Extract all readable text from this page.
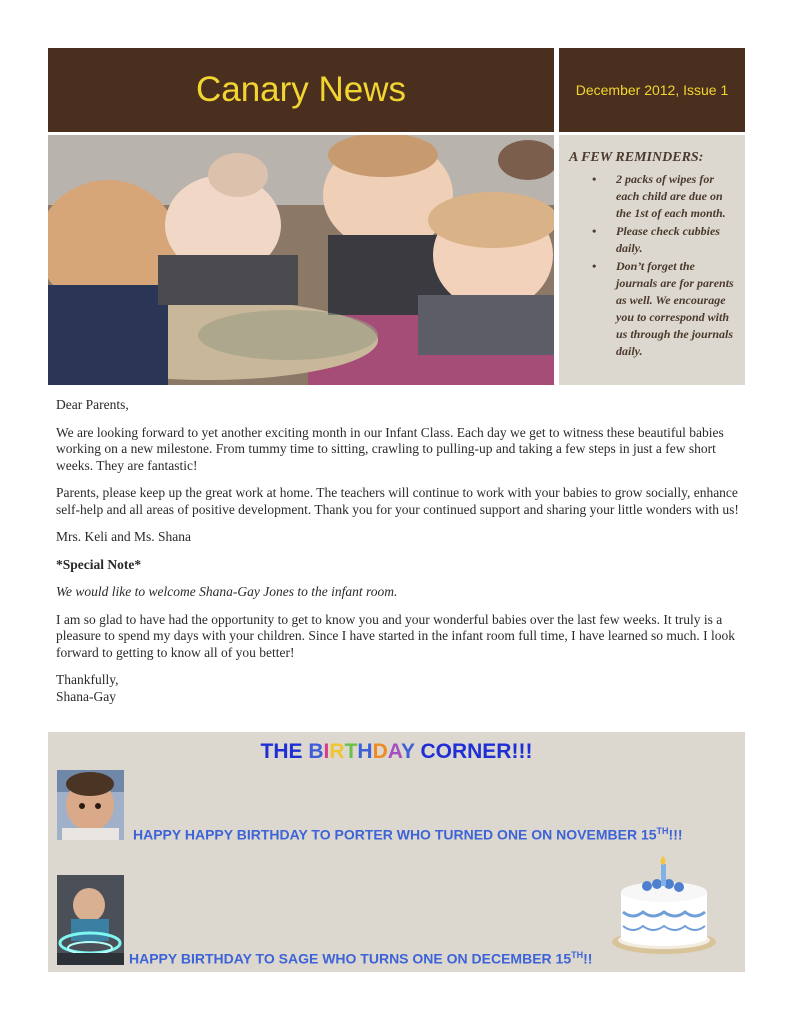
Canary News	December 2012, Issue 1
A FEW REMINDERS:
• 2 packs of wipes for each child are due on the 1st of each month.
• Please check cubbies daily.
• Don’t forget the journals are for parents as well. We encourage you to correspond with us through the journals daily.

Dear Parents,

We are looking forward to yet another exciting month in our Infant Class. Each day we get to witness these beautiful babies working on a new milestone. From tummy time to sitting, crawling to pulling-up and taking a few steps in just a few short weeks. They are fantastic!

Parents, please keep up the great work at home. The teachers will continue to work with your babies to grow socially, enhance self-help and all areas of positive development. Thank you for your continued support and sharing your little wonders with us!

Mrs. Keli and Ms. Shana

*Special Note*

We would like to welcome Shana-Gay Jones to the infant room.

I am so glad to have had the opportunity to get to know you and your wonderful babies over the last few weeks. It truly is a pleasure to spend my days with your children. Since I have started in the infant room full time, I have learned so much. I look forward to getting to know all of you better!

Thankfully,

Shana-Gay

THE BIRTHDAY CORNER!!!
HAPPY HAPPY BIRTHDAY TO PORTER WHO TURNED ONE ON NOVEMBER 15TH!!!
HAPPY BIRTHDAY TO SAGE WHO TURNS ONE ON DECEMBER 15TH!!
